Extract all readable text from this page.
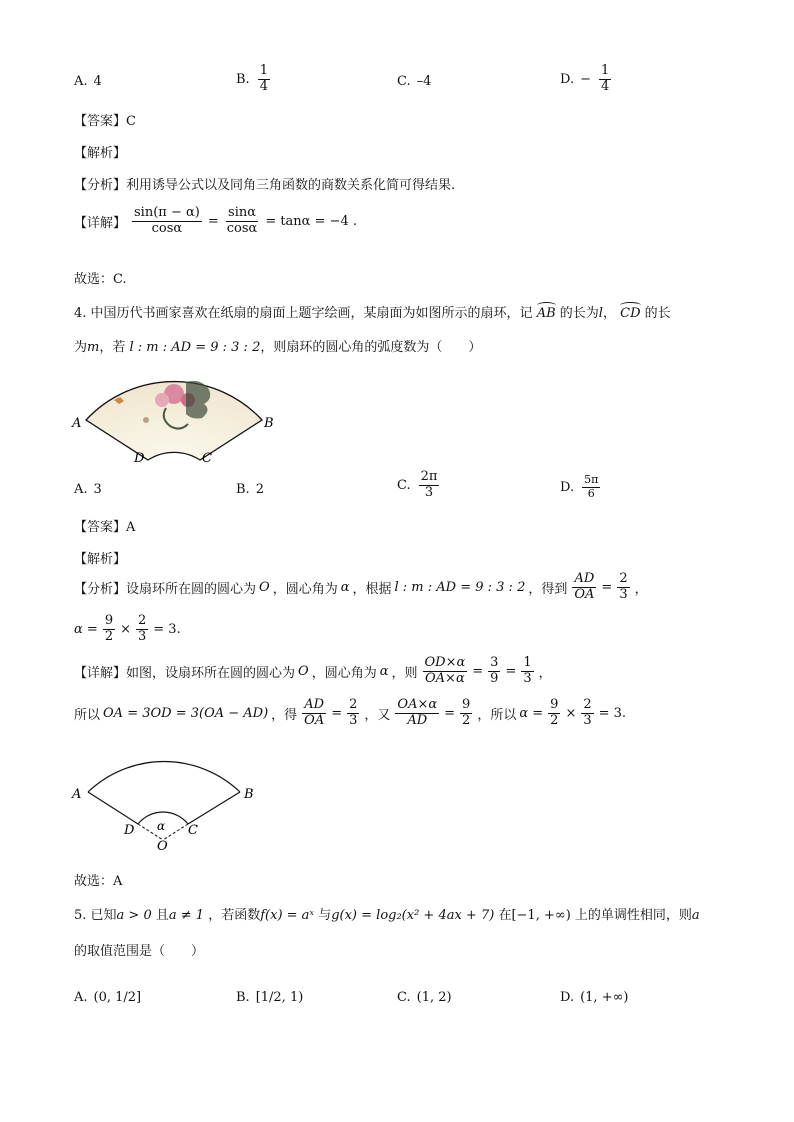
A. 4	B. $\frac{1}{4}$	C. –4	D. − $\frac{1}{4}$
【答案】C
【解析】
【分析】利用诱导公式以及同角三角函数的商数关系化简可得结果.
【详解】 $\frac{\sin(\pi - \alpha)}{\cos\alpha} = \frac{\sin\alpha}{\cos\alpha} = \tan\alpha = -4$ .
故选：C.
4. 中国历代书画家喜欢在纸扇的扇面上题字绘画，某扇面为如图所示的扇环，记 AB 的长为l， CD 的长
为m，若 l : m : AD = 9 : 3 : 2，则扇环的圆心角的弧度数为（　　）
A	B
D	C
A. 3	B. 2	C. $\frac{2\pi}{3}$	D. $\frac{5\pi}{6}$
【答案】A
【解析】
【分析】设扇环所在圆的圆心为 O ，圆心角为 α ，根据 l : m : AD = 9 : 3 : 2 ，得到 $\frac{AD}{OA} = \frac{2}{3}$ ，
$\alpha = \frac{9}{2} \times \frac{2}{3} = 3$.
【详解】如图，设扇环所在圆的圆心为 O ，圆心角为 α ，则 $\frac{OD\times\alpha}{OA\times\alpha} = \frac{3}{9} = \frac{1}{3}$ ，
所以 OA = 3OD = 3(OA − AD) ，得 $\frac{AD}{OA} = \frac{2}{3}$ ，又 $\frac{OA\times\alpha}{AD} = \frac{9}{2}$ ，所以 $\alpha = \frac{9}{2} \times \frac{2}{3} = 3$.
A	B
D	C
α
O
故选：A
5. 已知a > 0 且a ≠ 1 ，若函数f(x) = aˣ 与g(x) = log₂(x² + 4ax + 7) 在[−1, +∞) 上的单调性相同，则a
的取值范围是（　　）
A. (0, 1/2]	B. [1/2, 1)	C. (1, 2)	D. (1, +∞)
